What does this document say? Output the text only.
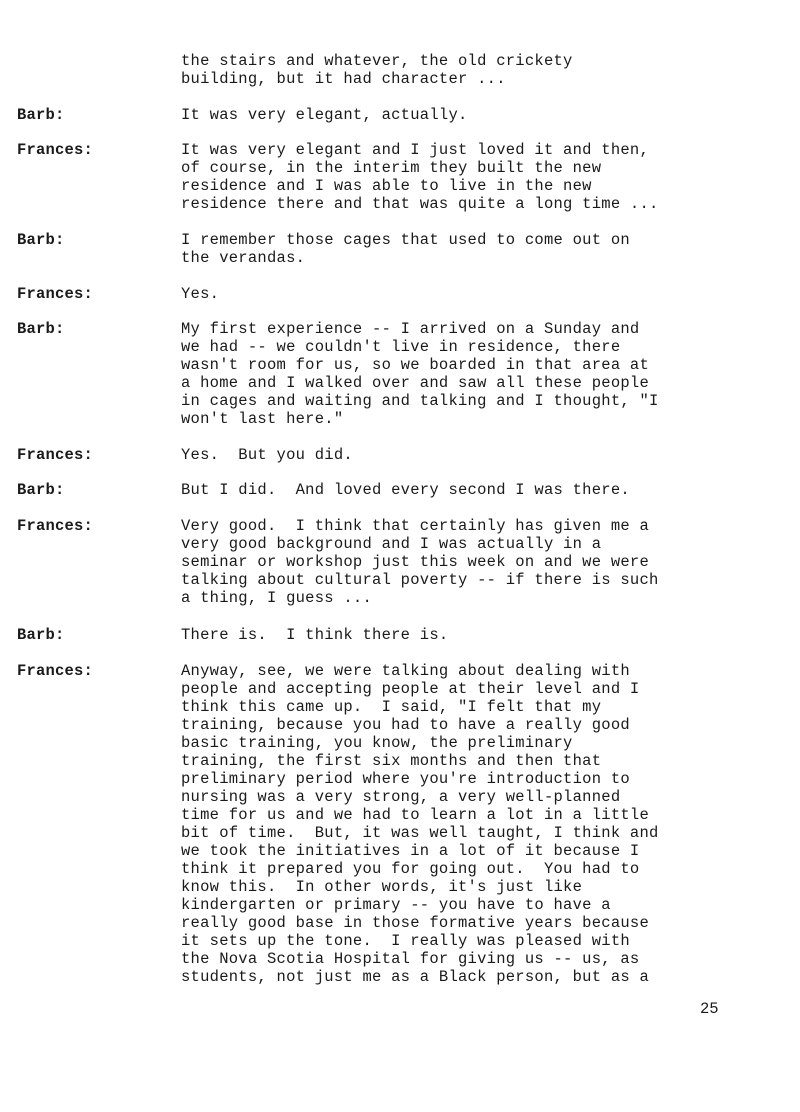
the stairs and whatever, the old crickety
building, but it had character ...
Barb:	It was very elegant, actually.
Frances:	It was very elegant and I just loved it and then,
of course, in the interim they built the new
residence and I was able to live in the new
residence there and that was quite a long time ...
Barb:	I remember those cages that used to come out on
the verandas.
Frances:	Yes.
Barb:	My first experience -- I arrived on a Sunday and
we had -- we couldn't live in residence, there
wasn't room for us, so we boarded in that area at
a home and I walked over and saw all these people
in cages and waiting and talking and I thought, "I
won't last here."
Frances:	Yes.  But you did.
Barb:	But I did.  And loved every second I was there.
Frances:	Very good.  I think that certainly has given me a
very good background and I was actually in a
seminar or workshop just this week on and we were
talking about cultural poverty -- if there is such
a thing, I guess ...
Barb:	There is.  I think there is.
Frances:	Anyway, see, we were talking about dealing with
people and accepting people at their level and I
think this came up.  I said, "I felt that my
training, because you had to have a really good
basic training, you know, the preliminary
training, the first six months and then that
preliminary period where you're introduction to
nursing was a very strong, a very well-planned
time for us and we had to learn a lot in a little
bit of time.  But, it was well taught, I think and
we took the initiatives in a lot of it because I
think it prepared you for going out.  You had to
know this.  In other words, it's just like
kindergarten or primary -- you have to have a
really good base in those formative years because
it sets up the tone.  I really was pleased with
the Nova Scotia Hospital for giving us -- us, as
students, not just me as a Black person, but as a
25
